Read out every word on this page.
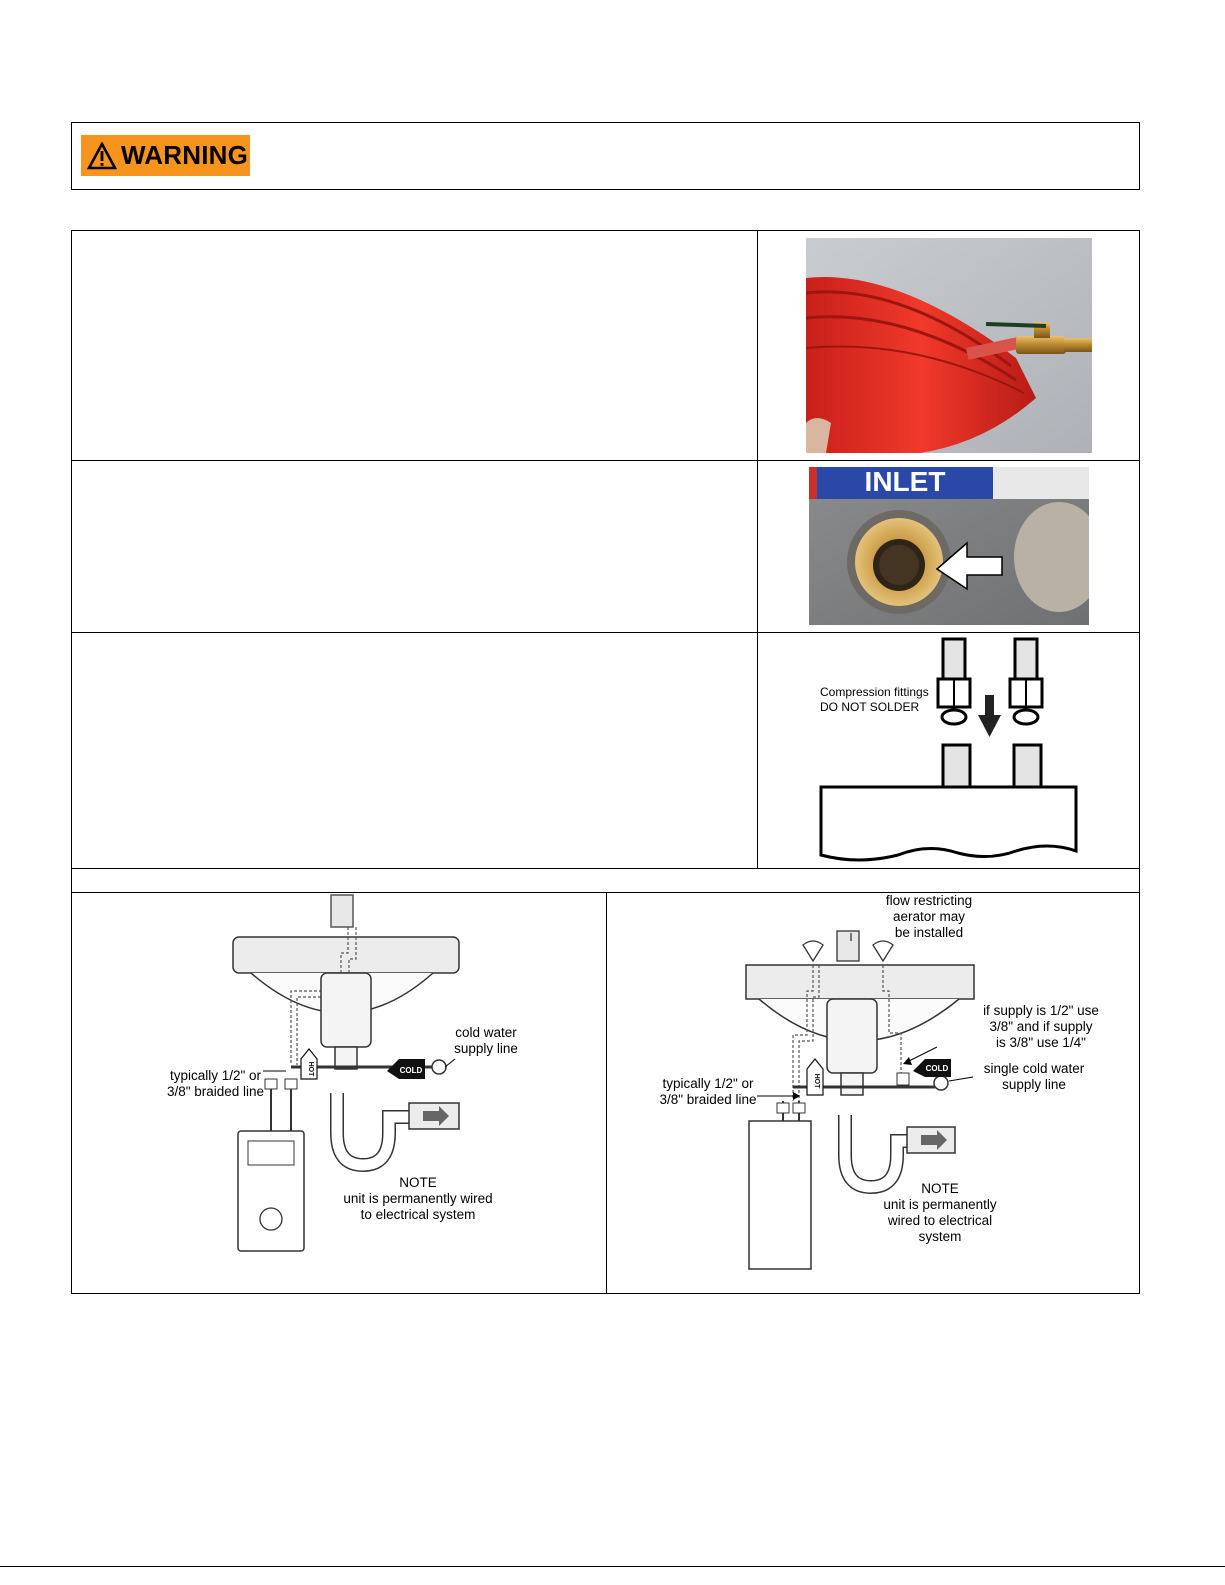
WARNING
INLET
Compression fittings
DO NOT SOLDER
COLD
HOT
cold water
supply line
typically 1/2" or
3/8" braided line
NOTE
unit is permanently wired
to electrical system
COLD
HOT
flow restricting
aerator may
be installed
if supply is 1/2" use
3/8" and if supply
is 3/8" use 1/4"
single cold water
supply line
typically 1/2" or
3/8" braided line
NOTE
unit is permanently
wired to electrical
system
